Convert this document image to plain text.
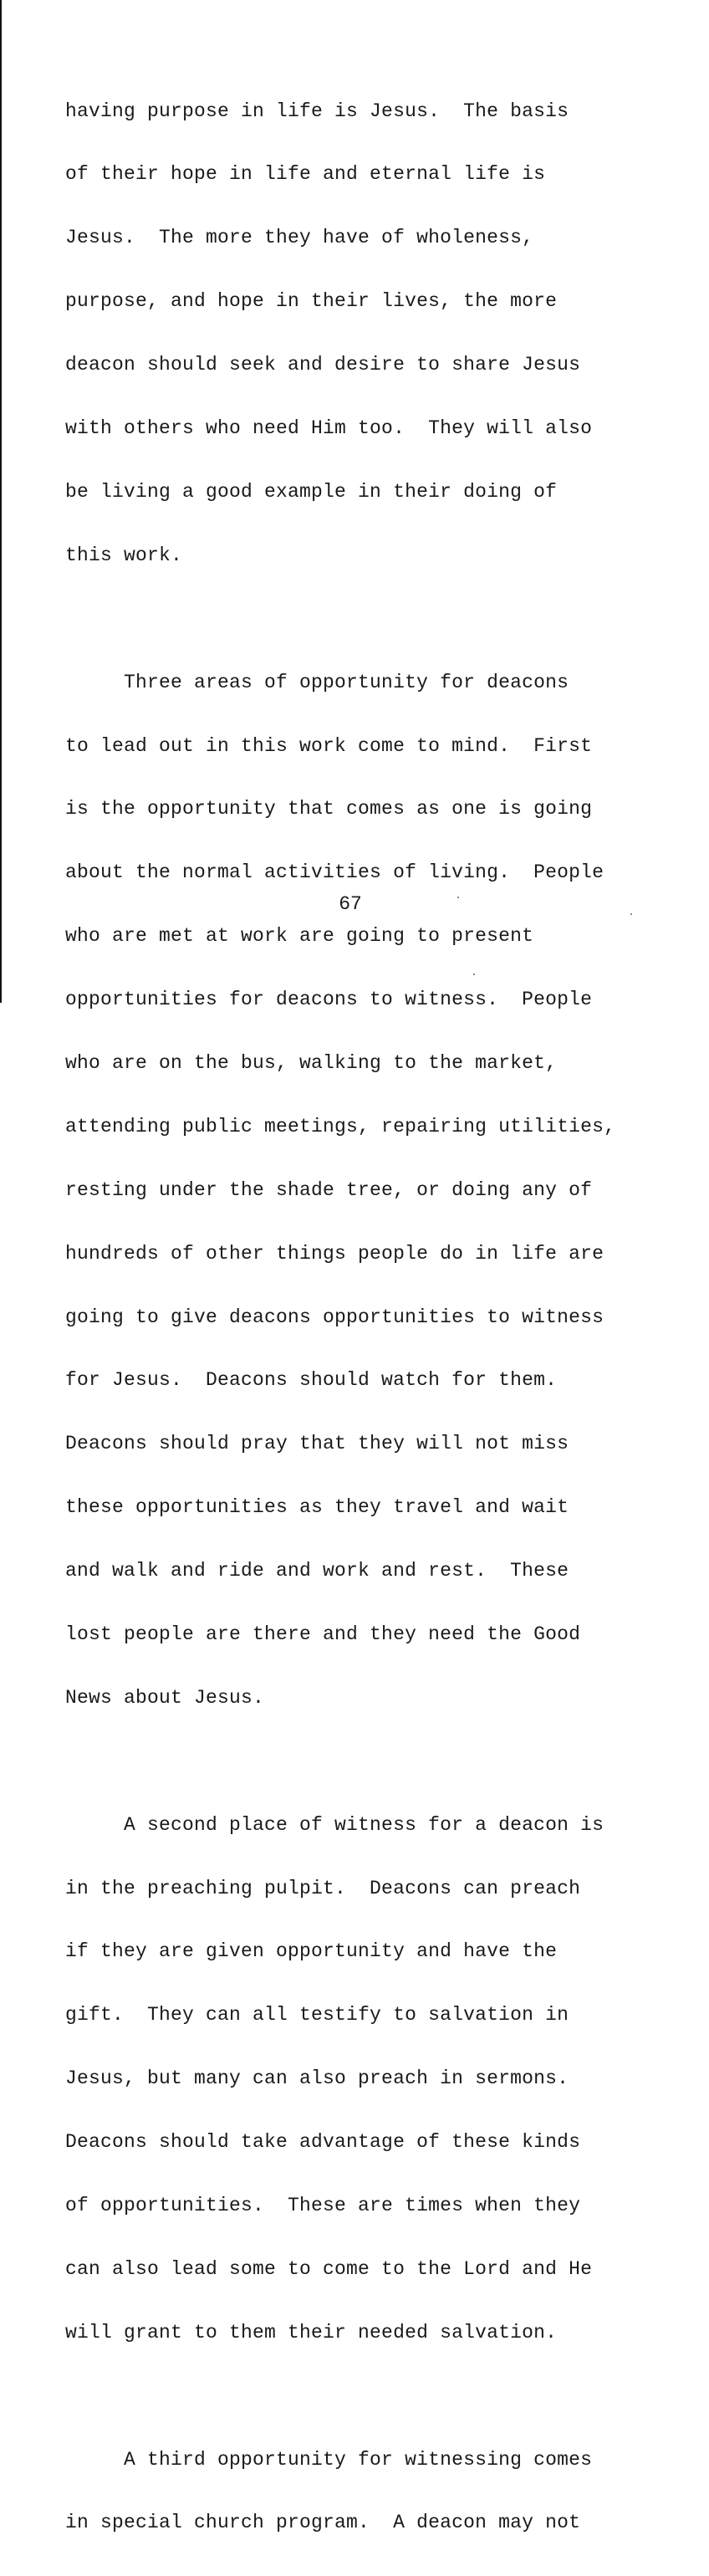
having purpose in life is Jesus.  The basis

of their hope in life and eternal life is

Jesus.  The more they have of wholeness,

purpose, and hope in their lives, the more

deacon should seek and desire to share Jesus

with others who need Him too.  They will also

be living a good example in their doing of

this work.

Three areas of opportunity for deacons

to lead out in this work come to mind.  First

is the opportunity that comes as one is going

about the normal activities of living.  People

who are met at work are going to present

opportunities for deacons to witness.  People

who are on the bus, walking to the market,

attending public meetings, repairing utilities,

resting under the shade tree, or doing any of

hundreds of other things people do in life are

going to give deacons opportunities to witness

for Jesus.  Deacons should watch for them.

Deacons should pray that they will not miss

these opportunities as they travel and wait

and walk and ride and work and rest.  These

lost people are there and they need the Good

News about Jesus.

A second place of witness for a deacon is

in the preaching pulpit.  Deacons can preach

if they are given opportunity and have the

gift.  They can all testify to salvation in

Jesus, but many can also preach in sermons.

Deacons should take advantage of these kinds

of opportunities.  These are times when they

can also lead some to come to the Lord and He

will grant to them their needed salvation.

A third opportunity for witnessing comes

in special church program.  A deacon may not

67
